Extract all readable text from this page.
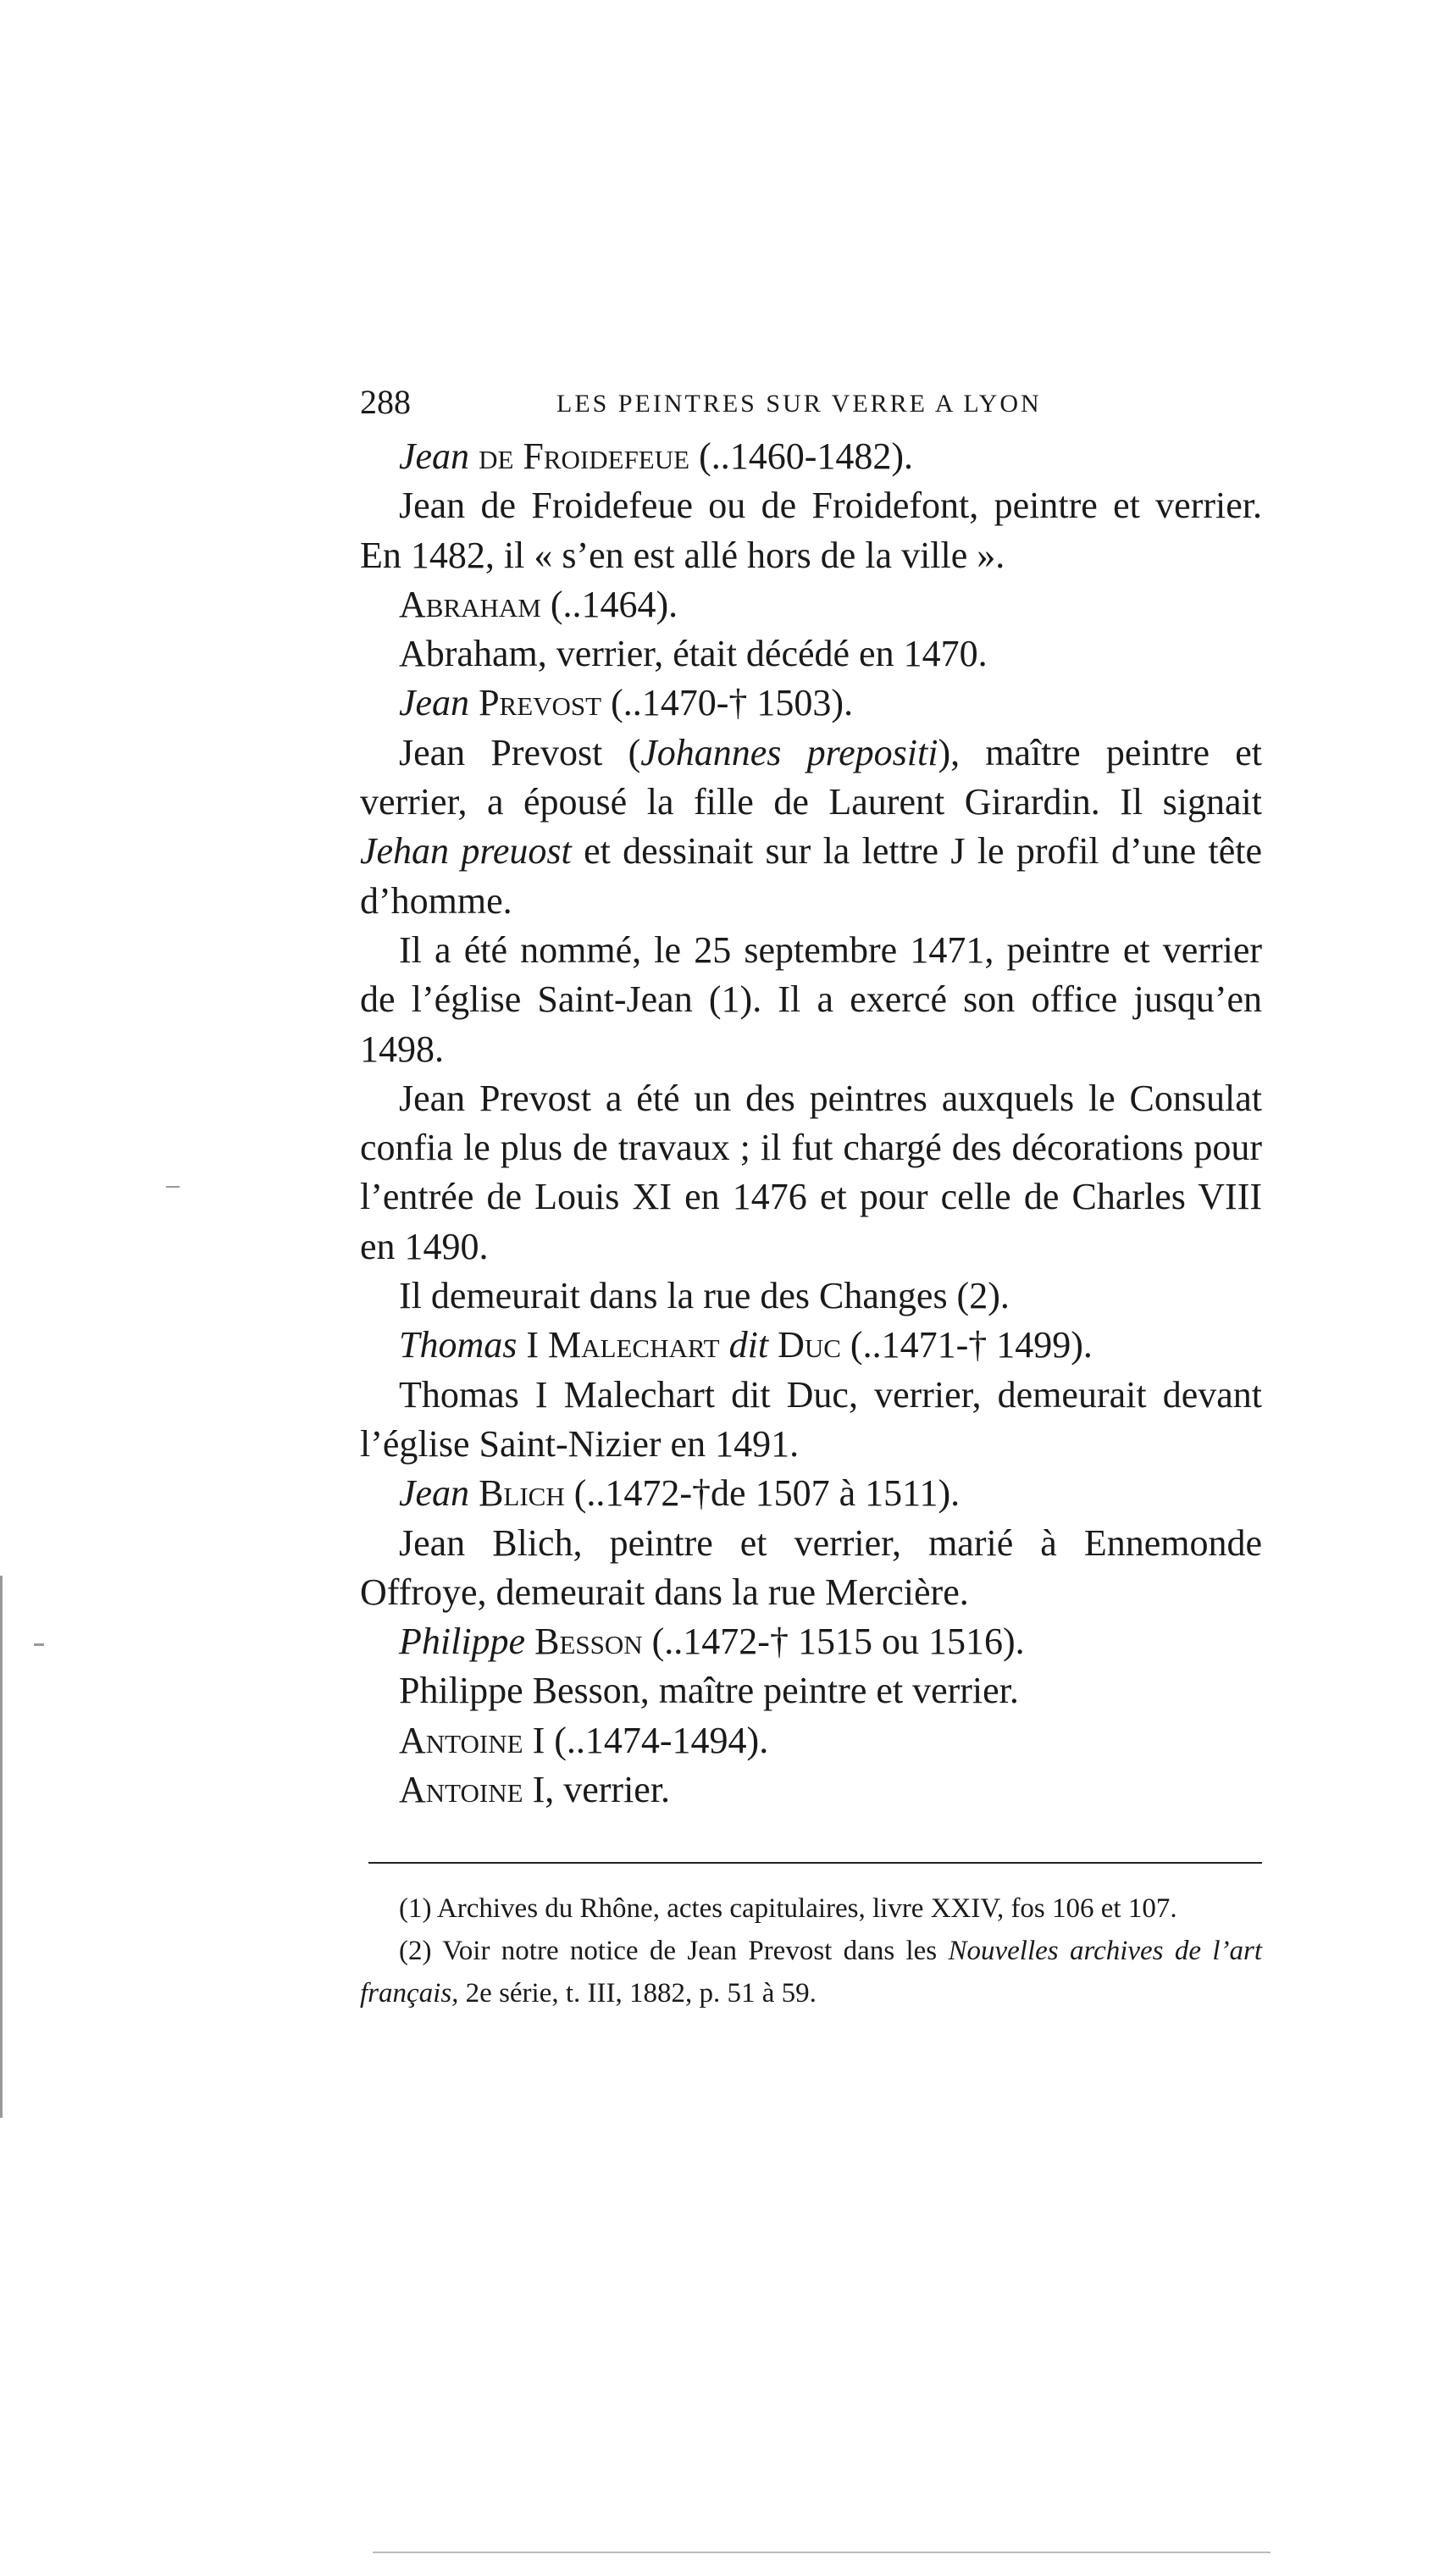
288	LES PEINTRES SUR VERRE A LYON
Jean de Froidefeue (..1460-1482).

Jean de Froidefeue ou de Froidefont, peintre et verrier. En 1482, il « s’en est allé hors de la ville ».

Abraham (..1464).

Abraham, verrier, était décédé en 1470.

Jean Prevost (..1470-† 1503).

Jean Prevost (Johannes prepositi), maître peintre et verrier, a épousé la fille de Laurent Girardin. Il signait Jehan preuost et dessinait sur la lettre J le profil d’une tête d’homme.

Il a été nommé, le 25 septembre 1471, peintre et verrier de l’église Saint-Jean (1). Il a exercé son office jusqu’en 1498.

Jean Prevost a été un des peintres auxquels le Consulat confia le plus de travaux ; il fut chargé des décorations pour l’entrée de Louis XI en 1476 et pour celle de Charles VIII en 1490.

Il demeurait dans la rue des Changes (2).

Thomas I Malechart dit Duc (..1471-† 1499).

Thomas I Malechart dit Duc, verrier, demeurait devant l’église Saint-Nizier en 1491.

Jean Blich (..1472-†de 1507 à 1511).

Jean Blich, peintre et verrier, marié à Ennemonde Offroye, demeurait dans la rue Mercière.

Philippe Besson (..1472-† 1515 ou 1516).

Philippe Besson, maître peintre et verrier.

Antoine I (..1474-1494).

Antoine I, verrier.

(1) Archives du Rhône, actes capitulaires, livre XXIV, fos 106 et 107.

(2) Voir notre notice de Jean Prevost dans les Nouvelles archives de l’art français, 2e série, t. III, 1882, p. 51 à 59.
